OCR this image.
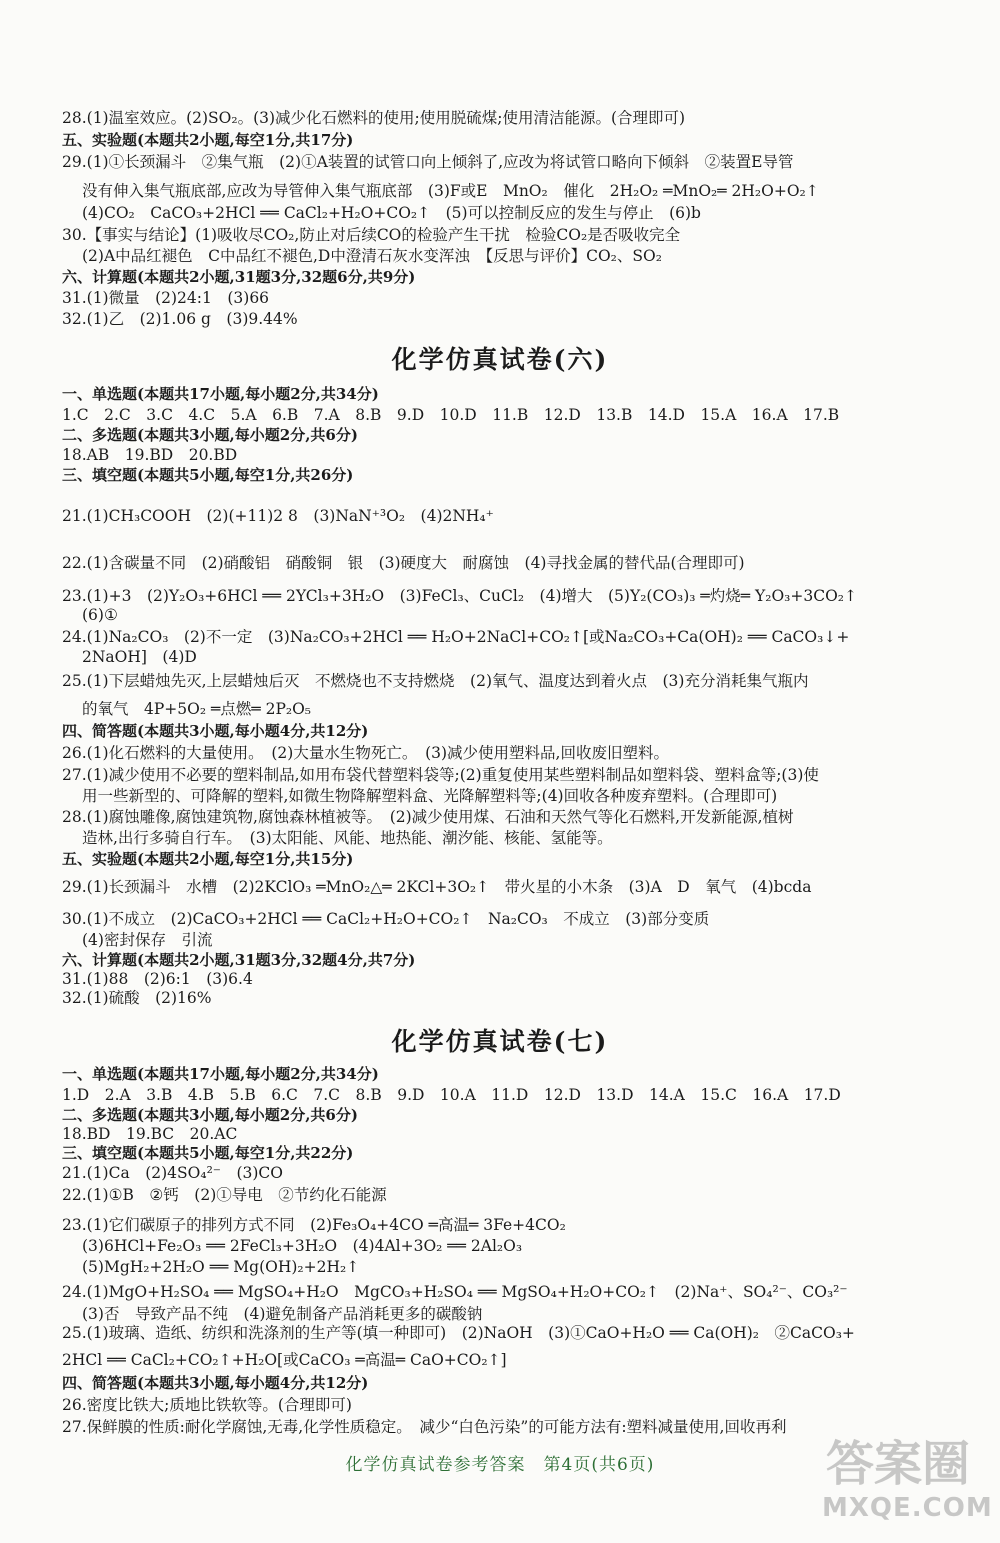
28.(1)温室效应。(2)SO₂。(3)减少化石燃料的使用;使用脱硫煤;使用清洁能源。(合理即可)
五、实验题(本题共2小题,每空1分,共17分)
29.(1)①长颈漏斗　②集气瓶　(2)①A装置的试管口向上倾斜了,应改为将试管口略向下倾斜　②装置E导管
没有伸入集气瓶底部,应改为导管伸入集气瓶底部　(3)F或E　MnO₂　催化　2H₂O₂ ═MnO₂═ 2H₂O+O₂↑
(4)CO₂　CaCO₃+2HCl ══ CaCl₂+H₂O+CO₂↑　(5)可以控制反应的发生与停止　(6)b
30.【事实与结论】(1)吸收尽CO₂,防止对后续CO的检验产生干扰　检验CO₂是否吸收完全
(2)A中品红褪色　C中品红不褪色,D中澄清石灰水变浑浊　【反思与评价】CO₂、SO₂
六、计算题(本题共2小题,31题3分,32题6分,共9分)
31.(1)微量　(2)24:1　(3)66
32.(1)乙　(2)1.06 g　(3)9.44%
化学仿真试卷(六)
一、单选题(本题共17小题,每小题2分,共34分)
1.C　2.C　3.C　4.C　5.A　6.B　7.A　8.B　9.D　10.D　11.B　12.D　13.B　14.D　15.A　16.A　17.B
二、多选题(本题共3小题,每小题2分,共6分)
18.AB　19.BD　20.BD
三、填空题(本题共5小题,每空1分,共26分)
21.(1)CH₃COOH　(2)(+11)2 8　(3)NaN⁺³O₂　(4)2NH₄⁺
22.(1)含碳量不同　(2)硝酸铝　硝酸铜　银　(3)硬度大　耐腐蚀　(4)寻找金属的替代品(合理即可)
23.(1)+3　(2)Y₂O₃+6HCl ══ 2YCl₃+3H₂O　(3)FeCl₃、CuCl₂　(4)增大　(5)Y₂(CO₃)₃ ═灼烧═ Y₂O₃+3CO₂↑
(6)①
24.(1)Na₂CO₃　(2)不一定　(3)Na₂CO₃+2HCl ══ H₂O+2NaCl+CO₂↑[或Na₂CO₃+Ca(OH)₂ ══ CaCO₃↓+
2NaOH]　(4)D
25.(1)下层蜡烛先灭,上层蜡烛后灭　不燃烧也不支持燃烧　(2)氧气、温度达到着火点　(3)充分消耗集气瓶内
的氧气　4P+5O₂ ═点燃═ 2P₂O₅
四、简答题(本题共3小题,每小题4分,共12分)
26.(1)化石燃料的大量使用。　(2)大量水生物死亡。　(3)减少使用塑料品,回收废旧塑料。
27.(1)减少使用不必要的塑料制品,如用布袋代替塑料袋等;(2)重复使用某些塑料制品如塑料袋、塑料盒等;(3)使
用一些新型的、可降解的塑料,如微生物降解塑料盒、光降解塑料等;(4)回收各种废弃塑料。(合理即可)
28.(1)腐蚀雕像,腐蚀建筑物,腐蚀森林植被等。　(2)减少使用煤、石油和天然气等化石燃料,开发新能源,植树
造林,出行多骑自行车。　(3)太阳能、风能、地热能、潮汐能、核能、氢能等。
五、实验题(本题共2小题,每空1分,共15分)
29.(1)长颈漏斗　水槽　(2)2KClO₃ ═MnO₂△═ 2KCl+3O₂↑　带火星的小木条　(3)A　D　氧气　(4)bcda
30.(1)不成立　(2)CaCO₃+2HCl ══ CaCl₂+H₂O+CO₂↑　Na₂CO₃　不成立　(3)部分变质
(4)密封保存　引流
六、计算题(本题共2小题,31题3分,32题4分,共7分)
31.(1)88　(2)6:1　(3)6.4
32.(1)硫酸　(2)16%
化学仿真试卷(七)
一、单选题(本题共17小题,每小题2分,共34分)
1.D　2.A　3.B　4.B　5.B　6.C　7.C　8.B　9.D　10.A　11.D　12.D　13.D　14.A　15.C　16.A　17.D
二、多选题(本题共3小题,每小题2分,共6分)
18.BD　19.BC　20.AC
三、填空题(本题共5小题,每空1分,共22分)
21.(1)Ca　(2)4SO₄²⁻　(3)CO
22.(1)①B　②钙　(2)①导电　②节约化石能源
23.(1)它们碳原子的排列方式不同　(2)Fe₃O₄+4CO ═高温═ 3Fe+4CO₂
(3)6HCl+Fe₂O₃ ══ 2FeCl₃+3H₂O　(4)4Al+3O₂ ══ 2Al₂O₃
(5)MgH₂+2H₂O ══ Mg(OH)₂+2H₂↑
24.(1)MgO+H₂SO₄ ══ MgSO₄+H₂O　MgCO₃+H₂SO₄ ══ MgSO₄+H₂O+CO₂↑　(2)Na⁺、SO₄²⁻、CO₃²⁻
(3)否　导致产品不纯　(4)避免制备产品消耗更多的碳酸钠
25.(1)玻璃、造纸、纺织和洗涤剂的生产等(填一种即可)　(2)NaOH　(3)①CaO+H₂O ══ Ca(OH)₂　②CaCO₃+
2HCl ══ CaCl₂+CO₂↑+H₂O[或CaCO₃ ═高温═ CaO+CO₂↑]
四、简答题(本题共3小题,每小题4分,共12分)
26.密度比铁大;质地比铁软等。(合理即可)
27.保鲜膜的性质:耐化学腐蚀,无毒,化学性质稳定。　减少“白色污染”的可能方法有:塑料减量使用,回收再利
化学仿真试卷参考答案　第4页(共6页)	答案圈
MXQE.COM
